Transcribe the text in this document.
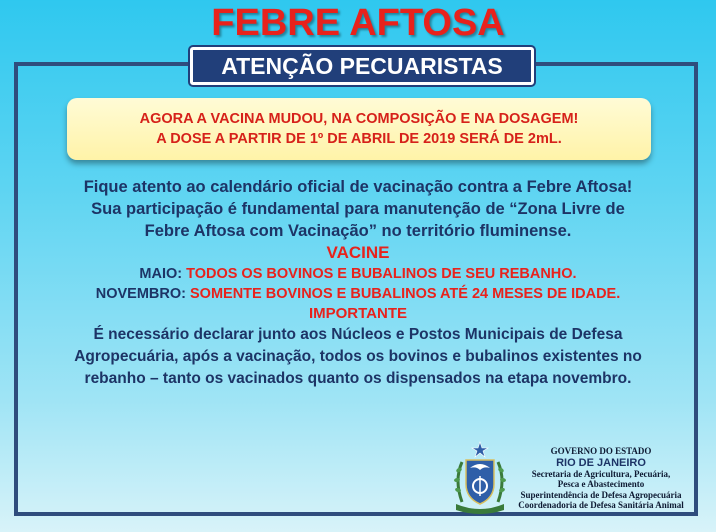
FEBRE AFTOSA
ATENÇÃO PECUARISTAS
AGORA A VACINA MUDOU, NA COMPOSIÇÃO E NA DOSAGEM!
A DOSE A PARTIR DE 1º DE ABRIL DE 2019 SERÁ DE 2mL.
Fique atento ao calendário oficial de vacinação contra a Febre Aftosa!
Sua participação é fundamental para manutenção de “Zona Livre de
Febre Aftosa com Vacinação” no território fluminense.
VACINE
MAIO: TODOS OS BOVINOS E BUBALINOS DE SEU REBANHO.
NOVEMBRO: SOMENTE BOVINOS E BUBALINOS ATÉ 24 MESES DE IDADE.
IMPORTANTE
É necessário declarar junto aos Núcleos e Postos Municipais de Defesa
Agropecuária, após a vacinação, todos os bovinos e bubalinos existentes no
rebanho – tanto os vacinados quanto os dispensados na etapa novembro.
GOVERNO DO ESTADO
RIO DE JANEIRO
Secretaria de Agricultura, Pecuária,
Pesca e Abastecimento
Superintendência de Defesa Agropecuária
Coordenadoria de Defesa Sanitária Animal
